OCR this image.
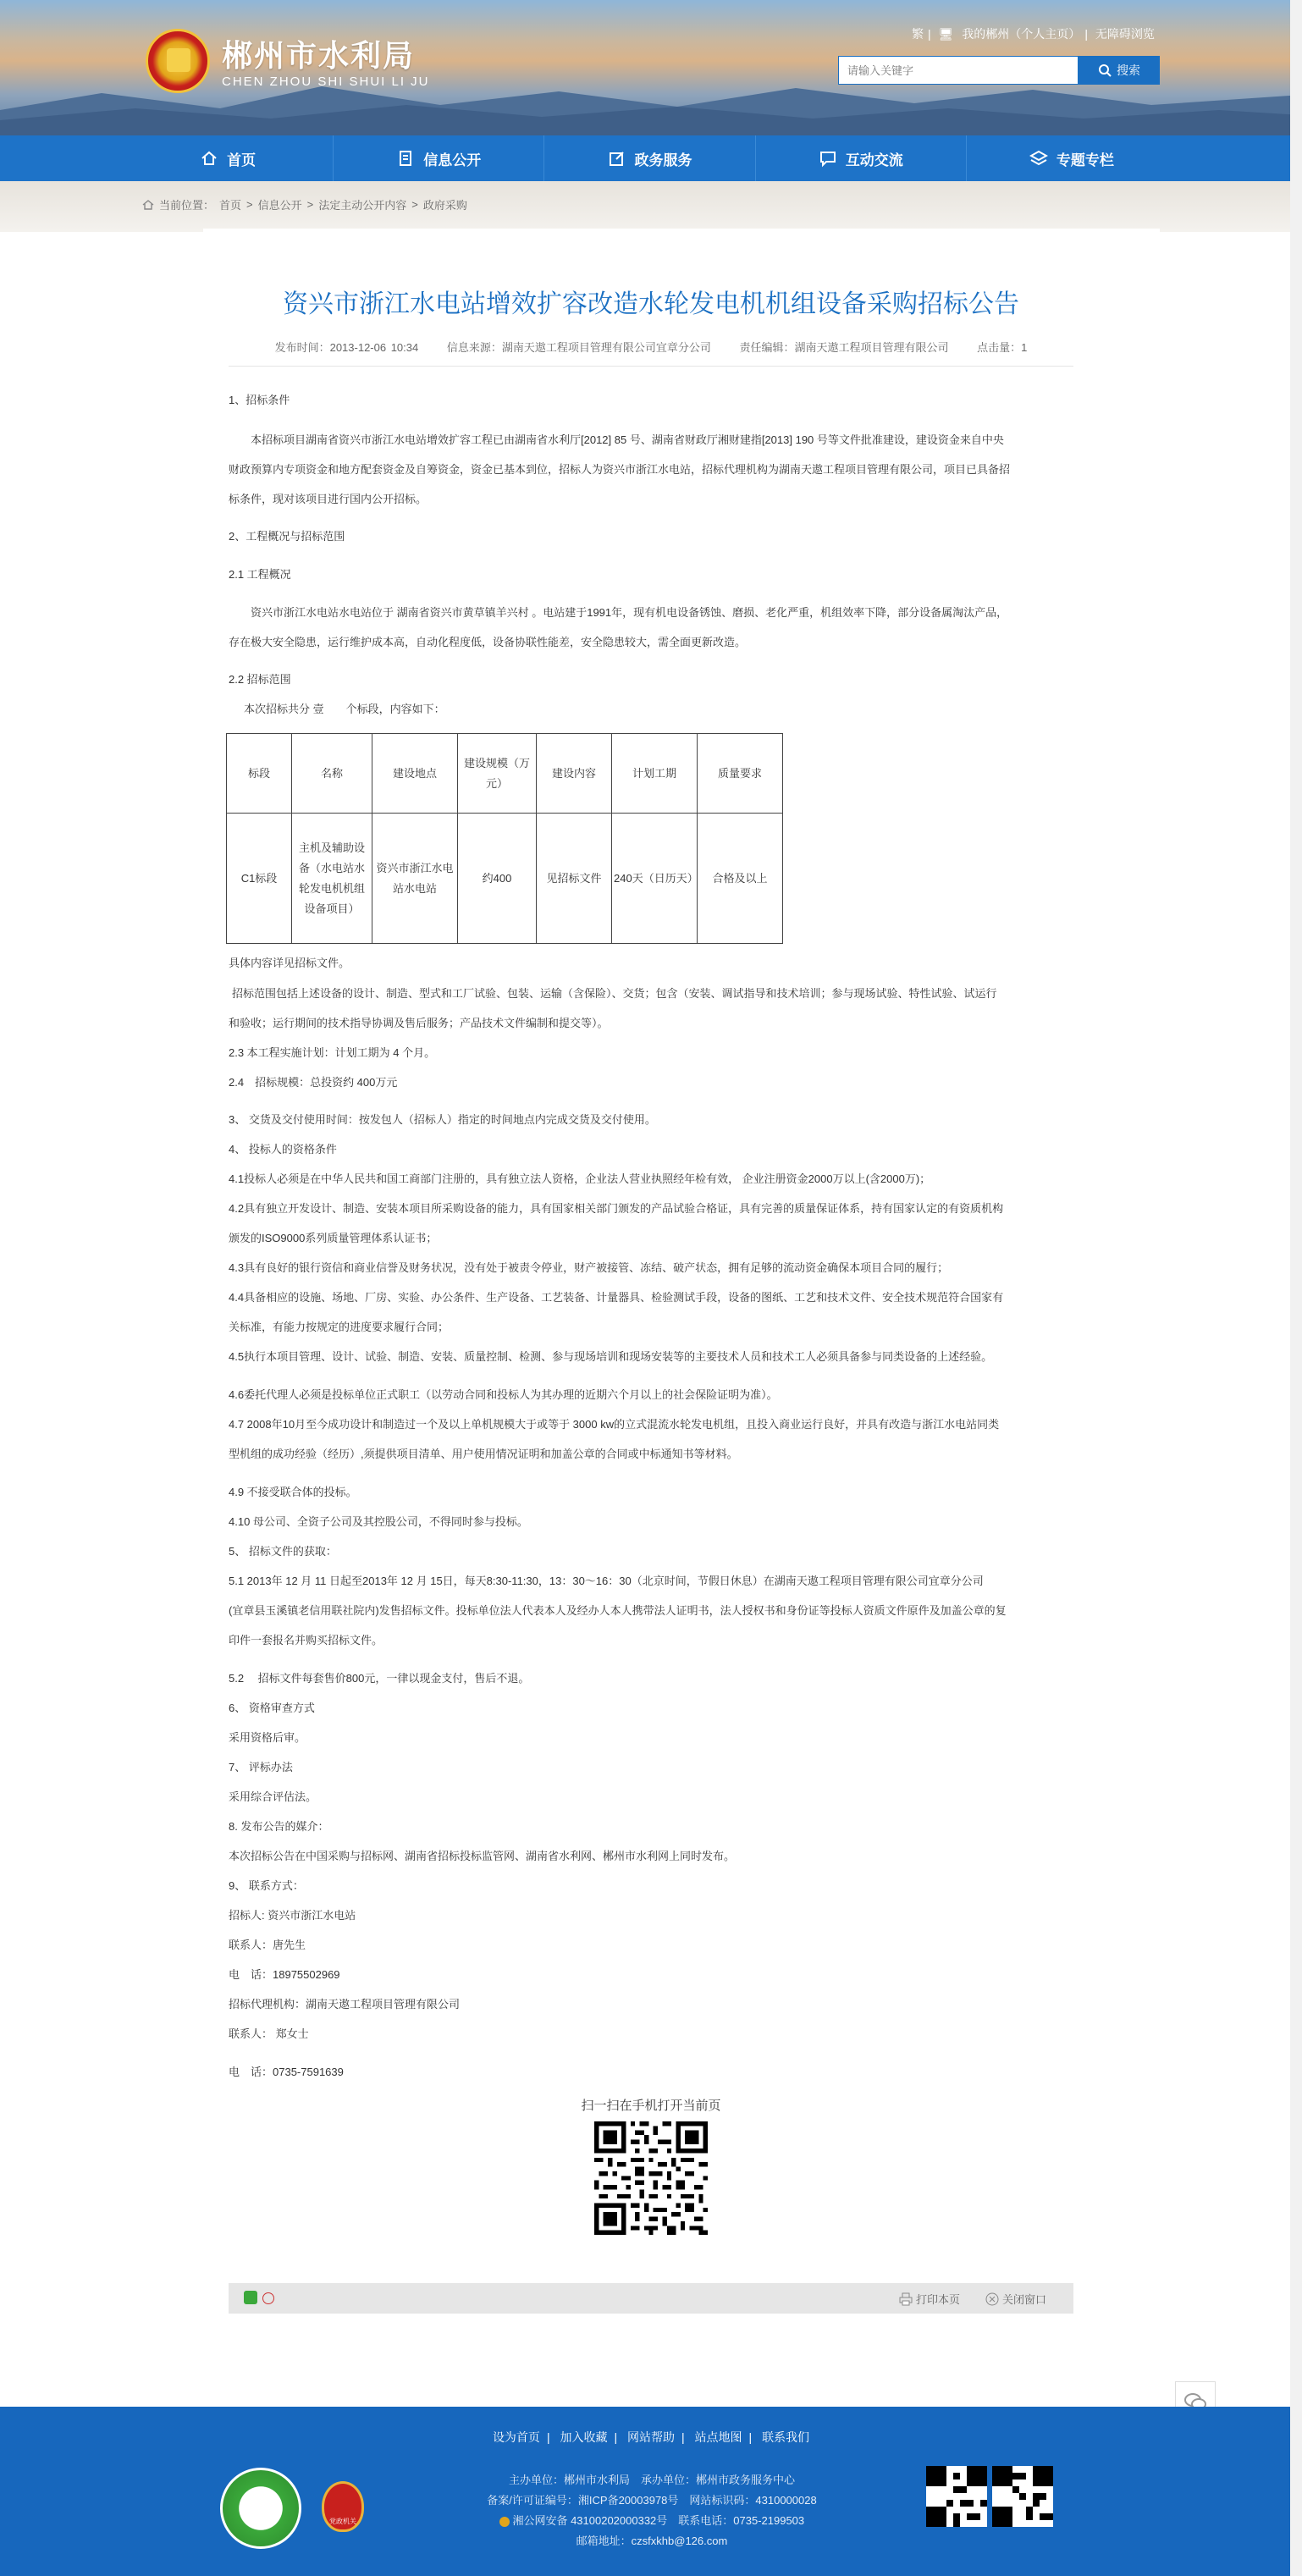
郴州市水利局
CHEN ZHOU SHI SHUI LI JU
繁 | 🖥 我的郴州（个人主页） | 无障碍浏览
请输入关键字
搜索
首页	信息公开	政务服务	互动交流	专题专栏
当前位置： 首页 > 信息公开 > 法定主动公开内容 > 政府采购
资兴市浙江水电站增效扩容改造水轮发电机机组设备采购招标公告
发布时间：2013-12-06 10:34	信息来源：湖南天遨工程项目管理有限公司宜章分公司	责任编辑：湖南天遨工程项目管理有限公司	点击量：1
1、招标条件
本招标项目湖南省资兴市浙江水电站增效扩容工程已由湖南省水利厅[2012] 85 号、湖南省财政厅湘财建指[2013] 190 号等文件批准建设，建设资金来自中央
财政预算内专项资金和地方配套资金及自筹资金，资金已基本到位，招标人为资兴市浙江水电站，招标代理机构为湖南天遨工程项目管理有限公司，项目已具备招
标条件，现对该项目进行国内公开招标。
2、工程概况与招标范围
2.1 工程概况
资兴市浙江水电站水电站位于 湖南省资兴市黄草镇羊兴村 。电站建于1991年，现有机电设备锈蚀、磨损、老化严重，机组效率下降，部分设备属淘汰产品，
存在极大安全隐患，运行维护成本高，自动化程度低，设备协联性能差，安全隐患较大，需全面更新改造。
2.2 招标范围
本次招标共分 壹　　个标段，内容如下：
标段	名称	建设地点	建设规模（万元）	建设内容	计划工期	质量要求
C1标段	主机及辅助设备（水电站水轮发电机机组设备项目）	资兴市浙江水电站水电站	约400	见招标文件	240天（日历天）	合格及以上
具体内容详见招标文件。
招标范围包括上述设备的设计、制造、型式和工厂试验、包装、运输（含保险）、交货；包含（安装、调试指导和技术培训；参与现场试验、特性试验、试运行
和验收；运行期间的技术指导协调及售后服务；产品技术文件编制和提交等）。
2.3 本工程实施计划：计划工期为 4 个月。
2.4　招标规模：总投资约 400万元
3、 交货及交付使用时间：按发包人（招标人）指定的时间地点内完成交货及交付使用。
4、 投标人的资格条件
4.1投标人必须是在中华人民共和国工商部门注册的，具有独立法人资格，企业法人营业执照经年检有效， 企业注册资金2000万以上(含2000万)；
4.2具有独立开发设计、制造、安装本项目所采购设备的能力，具有国家相关部门颁发的产品试验合格证，具有完善的质量保证体系，持有国家认定的有资质机构
颁发的ISO9000系列质量管理体系认证书；
4.3具有良好的银行资信和商业信誉及财务状况，没有处于被责令停业，财产被接管、冻结、破产状态，拥有足够的流动资金确保本项目合同的履行；
4.4具备相应的设施、场地、厂房、实验、办公条件、生产设备、工艺装备、计量器具、检验测试手段，设备的图纸、工艺和技术文件、安全技术规范符合国家有
关标准，有能力按规定的进度要求履行合同；
4.5执行本项目管理、设计、试验、制造、安装、质量控制、检测、参与现场培训和现场安装等的主要技术人员和技术工人必须具备参与同类设备的上述经验。
4.6委托代理人必须是投标单位正式职工（以劳动合同和投标人为其办理的近期六个月以上的社会保险证明为准）。
4.7 2008年10月至今成功设计和制造过一个及以上单机规模大于或等于 3000 kw的立式混流水轮发电机组，且投入商业运行良好，并具有改造与浙江水电站同类
型机组的成功经验（经历）,须提供项目清单、用户使用情况证明和加盖公章的合同或中标通知书等材料。
4.9 不接受联合体的投标。
4.10 母公司、全资子公司及其控股公司，不得同时参与投标。
5、 招标文件的获取：
5.1 2013年 12 月 11 日起至2013年 12 月 15日，每天8:30-11:30，13：30～16：30（北京时间，节假日休息）在湖南天遨工程项目管理有限公司宜章分公司
(宜章县玉溪镇老信用联社院内)发售招标文件。投标单位法人代表本人及经办人本人携带法人证明书，法人授权书和身份证等投标人资质文件原件及加盖公章的复
印件一套报名并购买招标文件。
5.2　 招标文件每套售价800元，一律以现金支付，售后不退。
6、 资格审查方式
采用资格后审。
7、 评标办法
采用综合评估法。
8. 发布公告的媒介：
本次招标公告在中国采购与招标网、湖南省招标投标监管网、湖南省水利网、郴州市水利网上同时发布。
9、 联系方式：
招标人: 资兴市浙江水电站
联系人：唐先生
电　话：18975502969
招标代理机构：湖南天遨工程项目管理有限公司
联系人： 郑女士
电　话：0735-7591639
扫一扫在手机打开当前页
打印本页	关闭窗口
设为首页 | 加入收藏 | 网站帮助 | 站点地图 | 联系我们
党政机关
主办单位：郴州市水利局　承办单位：郴州市政务服务中心
备案/许可证编号：湘ICP备20003978号　网站标识码：4310000028
湘公网安备 43100202000332号　联系电话：0735-2199503
邮箱地址：czsfxkhb@126.com
